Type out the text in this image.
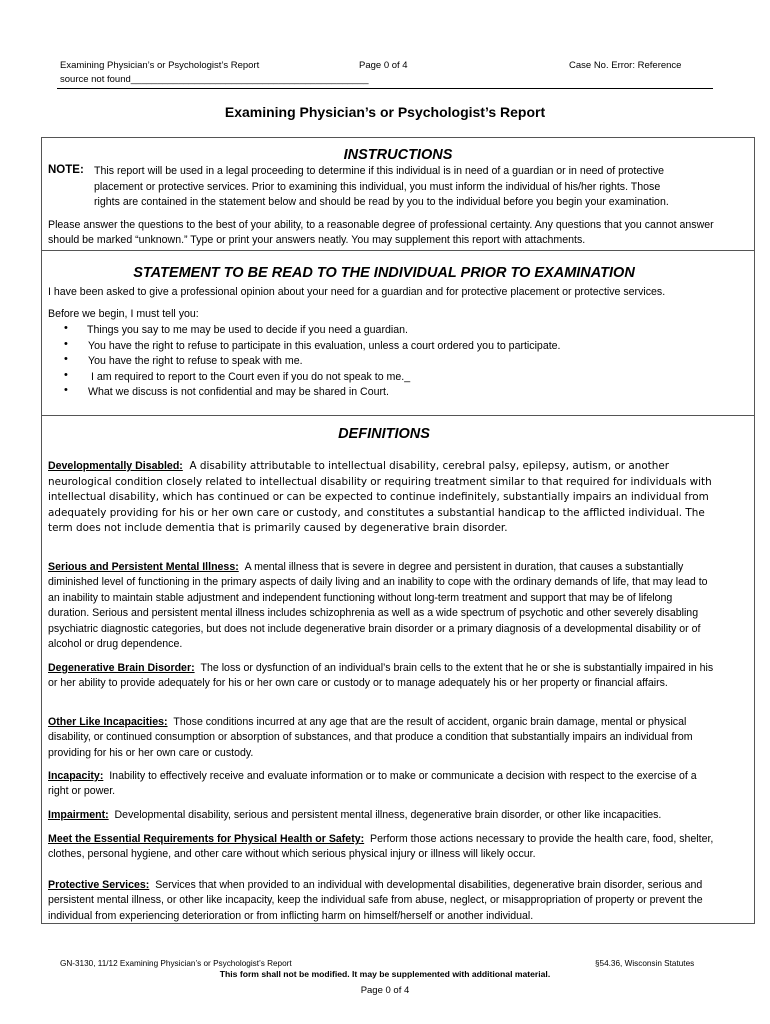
Examining Physician’s or Psychologist’s Report	Page 0 of 4	Case No. Error: Reference
source not found_____________________________________________
Examining Physician’s or Psychologist’s Report
INSTRUCTIONS
NOTE: This report will be used in a legal proceeding to determine if this individual is in need of a guardian or in need of protective
placement or protective services. Prior to examining this individual, you must inform the individual of his/her rights. Those
rights are contained in the statement below and should be read by you to the individual before you begin your examination.
Please answer the questions to the best of your ability, to a reasonable degree of professional certainty. Any questions that you cannot answer should be marked “unknown.” Type or print your answers neatly. You may supplement this report with attachments.
STATEMENT TO BE READ TO THE INDIVIDUAL PRIOR TO EXAMINATION
I have been asked to give a professional opinion about your need for a guardian and for protective placement or protective services.
Before we begin, I must tell you:
• Things you say to me may be used to decide if you need a guardian.
• You have the right to refuse to participate in this evaluation, unless a court ordered you to participate.
• You have the right to refuse to speak with me.
• I am required to report to the Court even if you do not speak to me._
• What we discuss is not confidential and may be shared in Court.
DEFINITIONS
Developmentally Disabled: A disability attributable to intellectual disability, cerebral palsy, epilepsy, autism, or another neurological condition closely related to intellectual disability or requiring treatment similar to that required for individuals with intellectual disability, which has continued or can be expected to continue indefinitely, substantially impairs an individual from adequately providing for his or her own care or custody, and constitutes a substantial handicap to the afflicted individual. The term does not include dementia that is primarily caused by degenerative brain disorder.
Serious and Persistent Mental Illness: A mental illness that is severe in degree and persistent in duration, that causes a substantially diminished level of functioning in the primary aspects of daily living and an inability to cope with the ordinary demands of life, that may lead to an inability to maintain stable adjustment and independent functioning without long-term treatment and support that may be of lifelong duration. Serious and persistent mental illness includes schizophrenia as well as a wide spectrum of psychotic and other severely disabling psychiatric diagnostic categories, but does not include degenerative brain disorder or a primary diagnosis of a developmental disability or of alcohol or drug dependence.
Degenerative Brain Disorder: The loss or dysfunction of an individual’s brain cells to the extent that he or she is substantially impaired in his or her ability to provide adequately for his or her own care or custody or to manage adequately his or her property or financial affairs.
Other Like Incapacities: Those conditions incurred at any age that are the result of accident, organic brain damage, mental or physical disability, or continued consumption or absorption of substances, and that produce a condition that substantially impairs an individual from providing for his or her own care or custody.
Incapacity: Inability to effectively receive and evaluate information or to make or communicate a decision with respect to the exercise of a right or power.
Impairment: Developmental disability, serious and persistent mental illness, degenerative brain disorder, or other like incapacities.
Meet the Essential Requirements for Physical Health or Safety: Perform those actions necessary to provide the health care, food, shelter, clothes, personal hygiene, and other care without which serious physical injury or illness will likely occur.
Protective Services: Services that when provided to an individual with developmental disabilities, degenerative brain disorder, serious and persistent mental illness, or other like incapacity, keep the individual safe from abuse, neglect, or misappropriation of property or prevent the individual from experiencing deterioration or from inflicting harm on himself/herself or another individual.
GN-3130, 11/12 Examining Physician’s or Psychologist’s Report	§54.36, Wisconsin Statutes
This form shall not be modified. It may be supplemented with additional material.
Page 0 of 4
